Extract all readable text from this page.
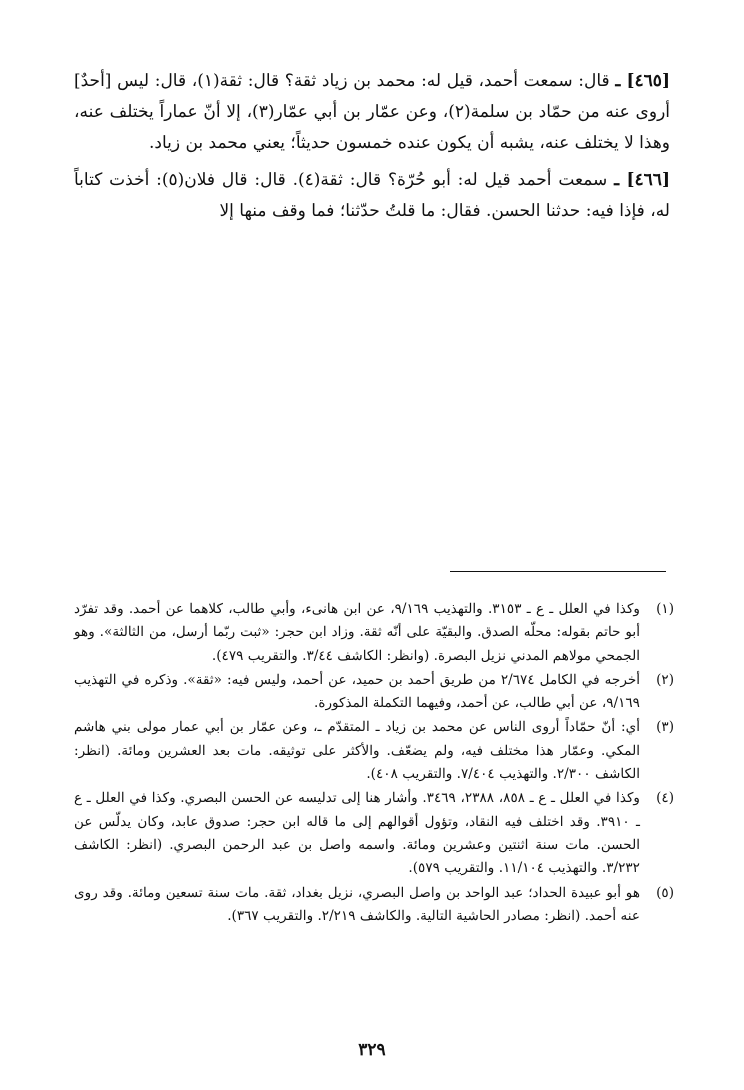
[٤٦٥] ـ قال: سمعت أحمد، قيل له: محمد بن زياد ثقة؟ قال: ثقة(١)، قال: ليس [أحدٌ] أروى عنه من حمّاد بن سلمة(٢)، وعن عمّار بن أبي عمّار(٣)، إلا أنّ عماراً يختلف عنه، وهذا لا يختلف عنه، يشبه أن يكون عنده خمسون حديثاً؛ يعني محمد بن زياد.

[٤٦٦] ـ سمعت أحمد قيل له: أبو حُرّة؟ قال: ثقة(٤). قال: قال فلان(٥): أخذت كتاباً له، فإذا فيه: حدثنا الحسن. فقال: ما قلتُ حدّثنا؛ فما وقف منها إلا

(١)
وكذا في العلل ـ ع ـ ٣١٥٣. والتهذيب ٩/١٦٩، عن ابن هانىء، وأبي طالب، كلاهما عن أحمد. وقد تفرّد أبو حاتم بقوله: محلّه الصدق. والبقيّة على أنّه ثقة. وزاد ابن حجر: «ثبت ربّما أرسل، من الثالثة». وهو الجمحي مولاهم المدني نزيل البصرة. (وانظر: الكاشف ٣/٤٤. والتقريب ٤٧٩).
(٢)
أخرجه في الكامل ٢/٦٧٤ من طريق أحمد بن حميد، عن أحمد، وليس فيه: «ثقة». وذكره في التهذيب ٩/١٦٩، عن أبي طالب، عن أحمد، وفيهما التكملة المذكورة.
(٣)
أي: أنّ حمّاداً أروى الناس عن محمد بن زياد ـ المتقدّم ـ، وعن عمّار بن أبي عمار مولى بني هاشم المكي. وعمّار هذا مختلف فيه، ولم يضعّف. والأكثر على توثيقه. مات بعد العشرين ومائة. (انظر: الكاشف ٢/٣٠٠. والتهذيب ٧/٤٠٤. والتقريب ٤٠٨).
(٤)
وكذا في العلل ـ ع ـ ٨٥٨، ٢٣٨٨، ٣٤٦٩. وأشار هنا إلى تدليسه عن الحسن البصري. وكذا في العلل ـ ع ـ ٣٩١٠. وقد اختلف فيه النقاد، وتؤول أقوالهم إلى ما قاله ابن حجر: صدوق عابد، وكان يدلّس عن الحسن. مات سنة اثنتين وعشرين ومائة. واسمه واصل بن عبد الرحمن البصري. (انظر: الكاشف ٣/٢٣٢. والتهذيب ١١/١٠٤. والتقريب ٥٧٩).
(٥)
هو أبو عبيدة الحداد؛ عبد الواحد بن واصل البصري، نزيل بغداد، ثقة. مات سنة تسعين ومائة. وقد روى عنه أحمد. (انظر: مصادر الحاشية التالية. والكاشف ٢/٢١٩. والتقريب ٣٦٧).
٣٢٩
